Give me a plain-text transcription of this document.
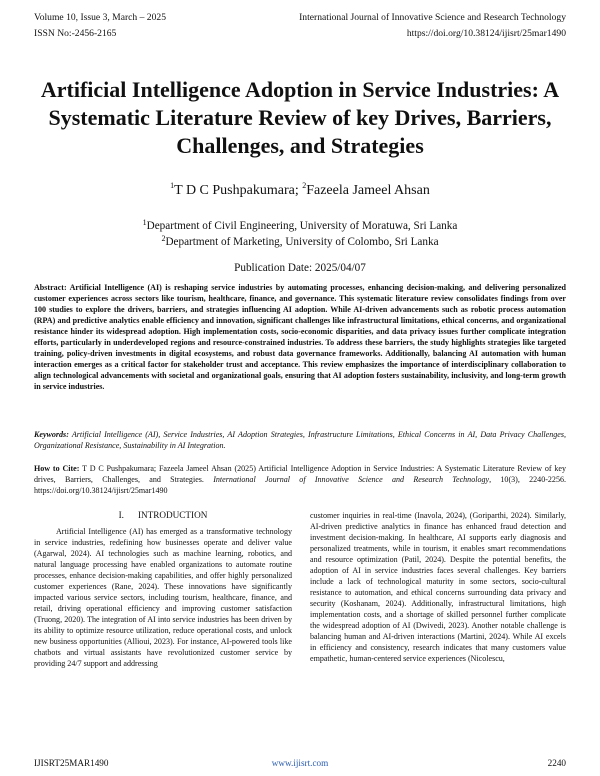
Volume 10, Issue 3, March – 2025	International Journal of Innovative Science and Research Technology
ISSN No:-2456-2165	https://doi.org/10.38124/ijisrt/25mar1490
Artificial Intelligence Adoption in Service Industries: A Systematic Literature Review of key Drives, Barriers, Challenges, and Strategies
$^1$T D C Pushpakumara; $^2$Fazeela Jameel Ahsan
$^1$Department of Civil Engineering, University of Moratuwa, Sri Lanka
$^2$Department of Marketing, University of Colombo, Sri Lanka
Publication Date: 2025/04/07
Abstract: Artificial Intelligence (AI) is reshaping service industries by automating processes, enhancing decision-making, and delivering personalized customer experiences across sectors like tourism, healthcare, finance, and governance. This systematic literature review consolidates findings from over 100 studies to explore the drivers, barriers, and strategies influencing AI adoption. While AI-driven advancements such as robotic process automation (RPA) and predictive analytics enable efficiency and innovation, significant challenges like infrastructural limitations, ethical concerns, and organizational resistance hinder its widespread adoption. High implementation costs, socio-economic disparities, and data privacy issues further complicate integration efforts, particularly in underdeveloped regions and resource-constrained industries. To address these barriers, the study highlights strategies like targeted training, policy-driven investments in digital ecosystems, and robust data governance frameworks. Additionally, balancing AI automation with human interaction emerges as a critical factor for stakeholder trust and acceptance. This review emphasizes the importance of interdisciplinary collaboration to align technological advancements with societal and organizational goals, ensuring that AI adoption fosters sustainability, inclusivity, and long-term growth in service industries.
Keywords: Artificial Intelligence (AI), Service Industries, AI Adoption Strategies, Infrastructure Limitations, Ethical Concerns in AI, Data Privacy Challenges, Organizational Resistance, Sustainability in AI Integration.
How to Cite: T D C Pushpakumara; Fazeela Jameel Ahsan (2025) Artificial Intelligence Adoption in Service Industries: A Systematic Literature Review of key drives, Barriers, Challenges, and Strategies. International Journal of Innovative Science and Research Technology, 10(3), 2240-2256. https://doi.org/10.38124/ijisrt/25mar1490
I. INTRODUCTION

Artificial Intelligence (AI) has emerged as a transformative technology in service industries, redefining how businesses operate and deliver value (Agarwal, 2024). AI technologies such as machine learning, robotics, and natural language processing have enabled organizations to automate routine processes, enhance decision-making capabilities, and offer highly personalized customer experiences (Rane, 2024). These innovations have significantly impacted various service sectors, including tourism, healthcare, finance, and retail, driving operational efficiency and improving customer satisfaction (Truong, 2020). The integration of AI into service industries has been driven by its ability to optimize resource utilization, reduce operational costs, and unlock new business opportunities (Allioui, 2023). For instance, AI-powered tools like chatbots and virtual assistants have revolutionized customer service by providing 24/7 support and addressing

customer inquiries in real-time (Inavola, 2024), (Goriparthi, 2024). Similarly, AI-driven predictive analytics in finance has enhanced fraud detection and investment decision-making. In healthcare, AI supports early diagnosis and personalized treatments, while in tourism, it enables smart recommendations and resource optimization (Patil, 2024). Despite the potential benefits, the adoption of AI in service industries faces several challenges. Key barriers include a lack of technological maturity in some sectors, socio-cultural resistance to automation, and ethical concerns surrounding data privacy and security (Koshanam, 2024). Additionally, infrastructural limitations, high implementation costs, and a shortage of skilled personnel further complicate the widespread adoption of AI (Dwivedi, 2023). Another notable challenge is balancing human and AI-driven interactions (Martini, 2024). While AI excels in efficiency and consistency, research indicates that many customers value empathetic, human-centered service experiences (Nicolescu,

IJISRT25MAR1490	www.ijisrt.com	2240
